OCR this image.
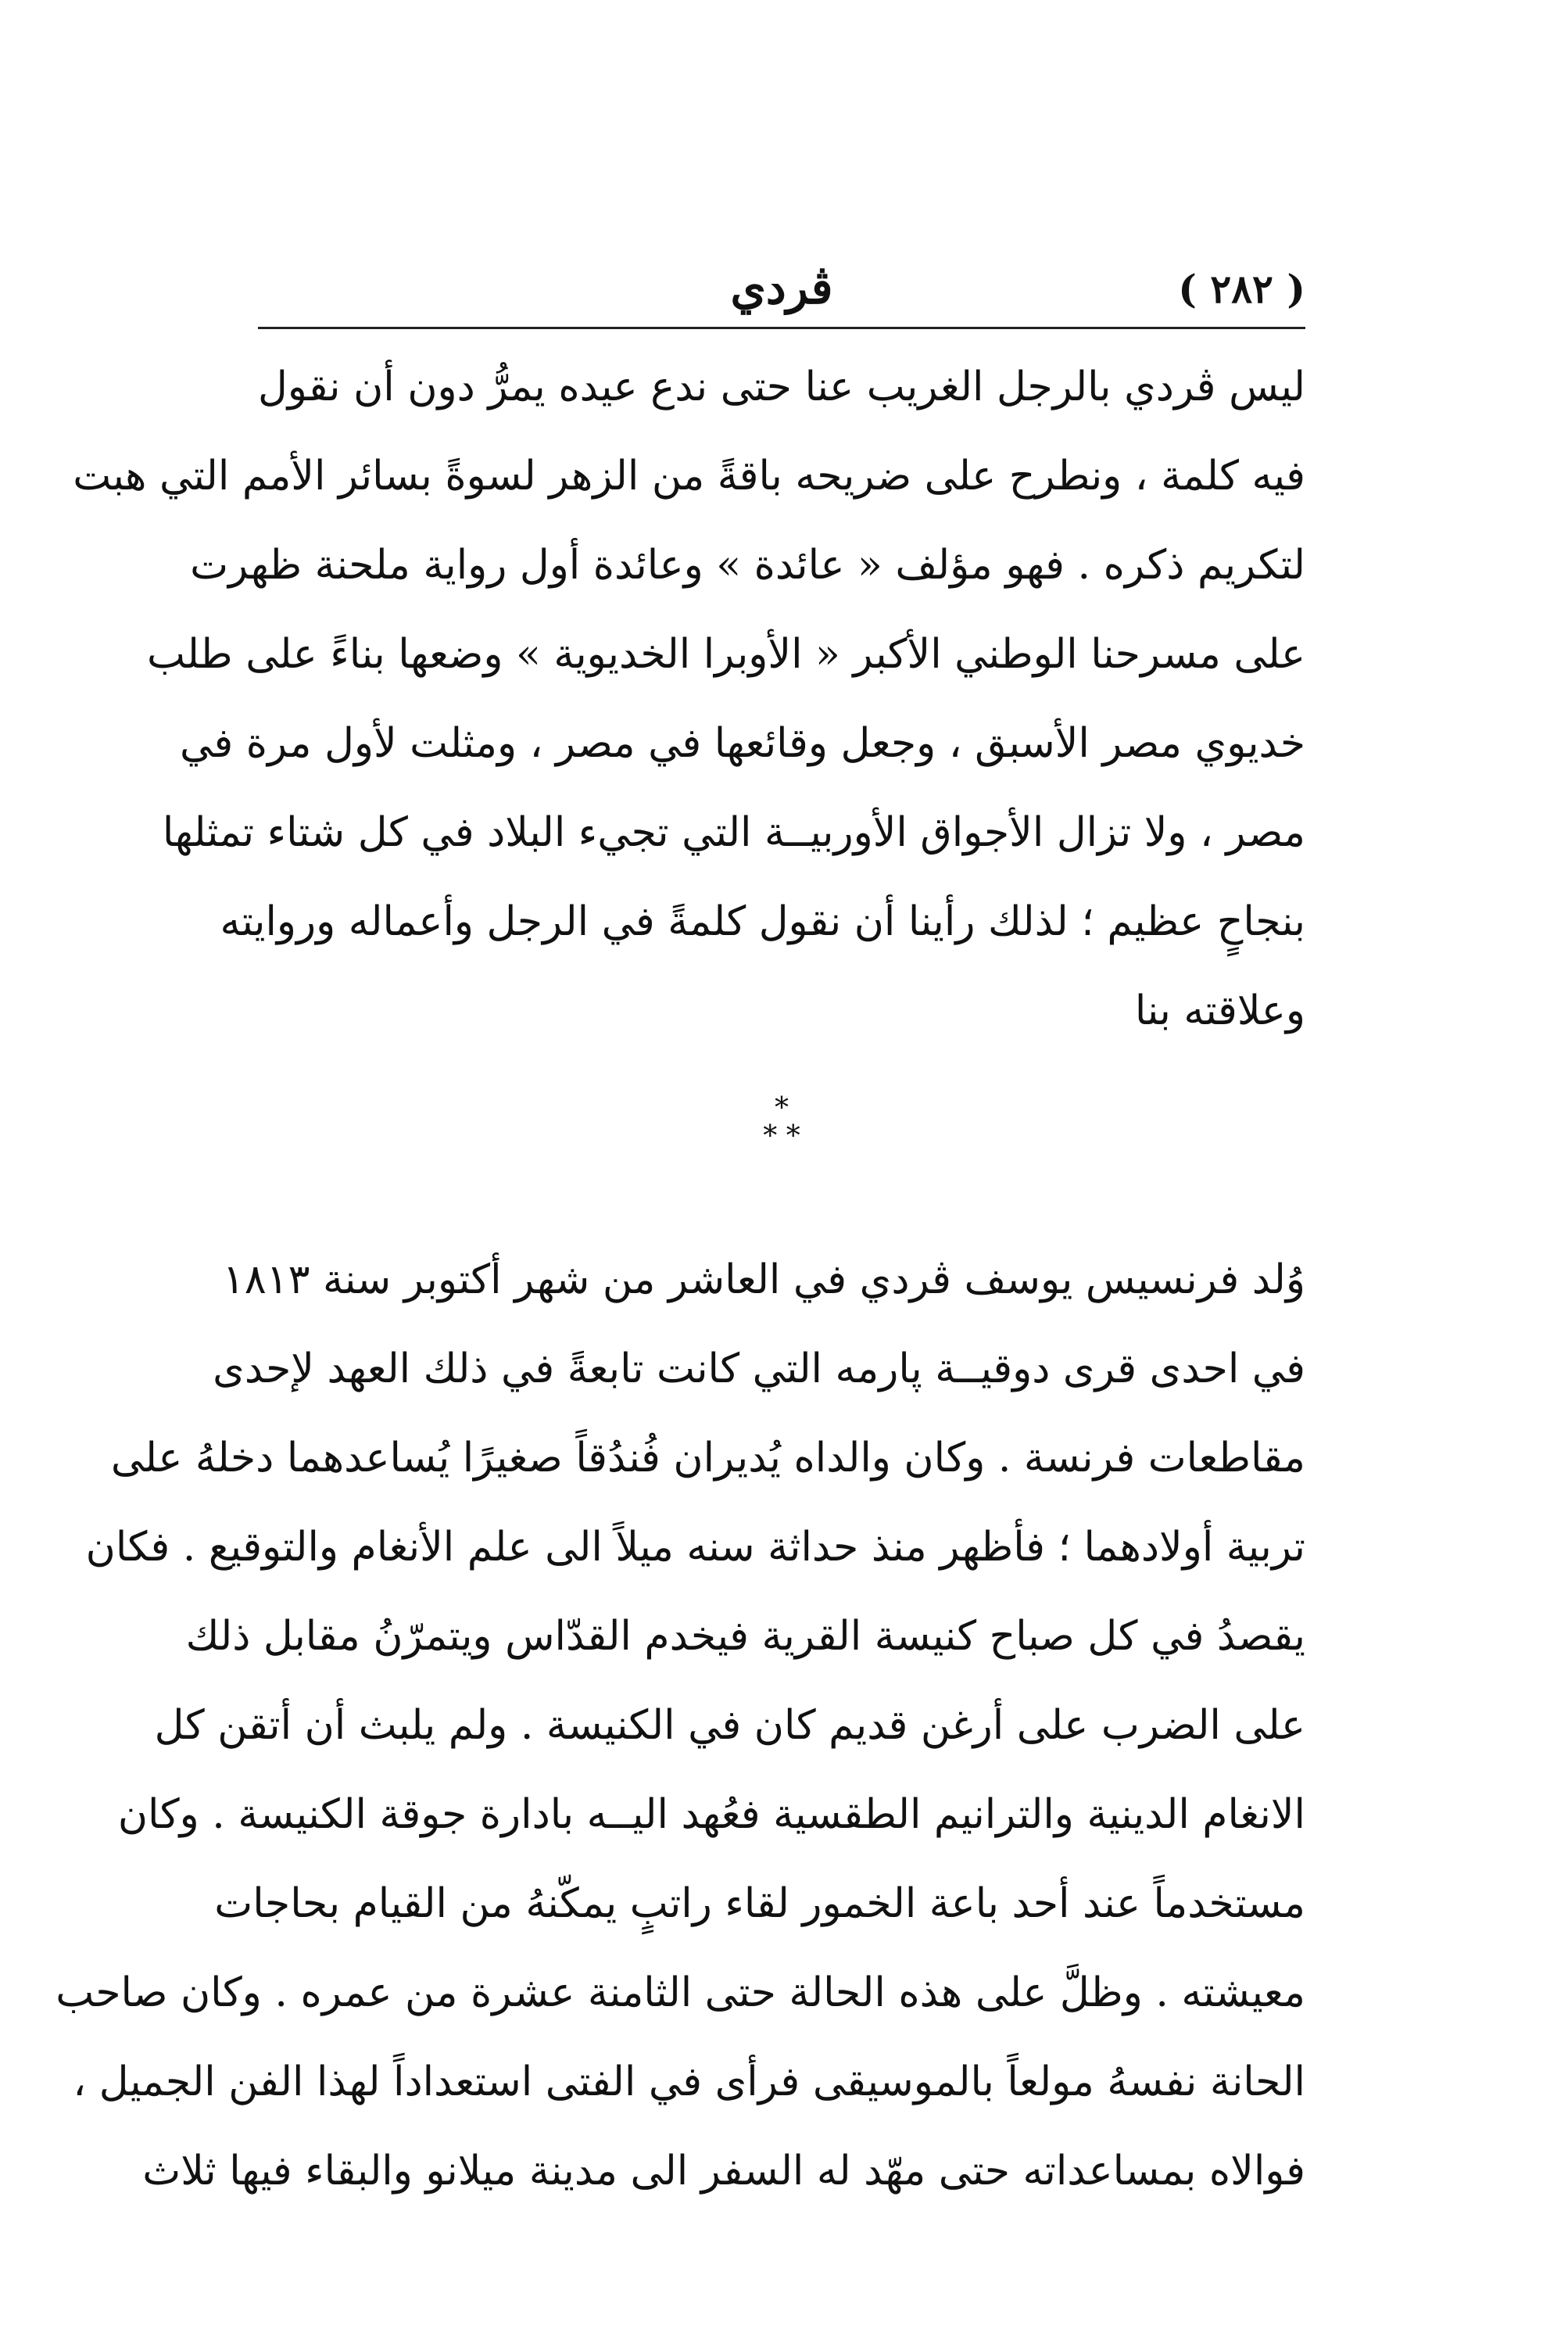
( ٢٨٢ )
ڤردي
ليس ڤردي بالرجل الغريب عنا حتى ندع عيده يمرُّ دون أن نقول
فيه كلمة ، ونطرح على ضريحه باقةً من الزهر لسوةً بسائر الأمم التي هبت
لتكريم ذكره . فهو مؤلف « عائدة » وعائدة أول رواية ملحنة ظهرت
على مسرحنا الوطني الأكبر « الأوبرا الخديوية » وضعها بناءً على طلب
خديوي مصر الأسبق ، وجعل وقائعها في مصر ، ومثلت لأول مرة في
مصر ، ولا تزال الأجواق الأوربيــة التي تجيء البلاد في كل شتاء تمثلها
بنجاحٍ عظيم ؛ لذلك رأينا أن نقول كلمةً في الرجل وأعماله وروايته
وعلاقته بنا
*
* *
وُلد فرنسيس يوسف ڤردي في العاشر من شهر أكتوبر سنة ١٨١٣
في احدى قرى دوقيــة پارمه التي كانت تابعةً في ذلك العهد لإحدى
مقاطعات فرنسة . وكان والداه يُديران فُندُقاً صغيرًا يُساعدهما دخلهُ على
تربية أولادهما ؛ فأظهر منذ حداثة سنه ميلاً الى علم الأنغام والتوقيع . فكان
يقصدُ في كل صباح كنيسة القرية فيخدم القدّاس ويتمرّنُ مقابل ذلك
على الضرب على أرغن قديم كان في الكنيسة . ولم يلبث أن أتقن كل
الانغام الدينية والترانيم الطقسية فعُهد اليــه بادارة جوقة الكنيسة . وكان
مستخدماً عند أحد باعة الخمور لقاء راتبٍ يمكّنهُ من القيام بحاجات
معيشته . وظلَّ على هذه الحالة حتى الثامنة عشرة من عمره . وكان صاحب
الحانة نفسهُ مولعاً بالموسيقى فرأى في الفتى استعداداً لهذا الفن الجميل ،
فوالاه بمساعداته حتى مهّد له السفر الى مدينة ميلانو والبقاء فيها ثلاث
